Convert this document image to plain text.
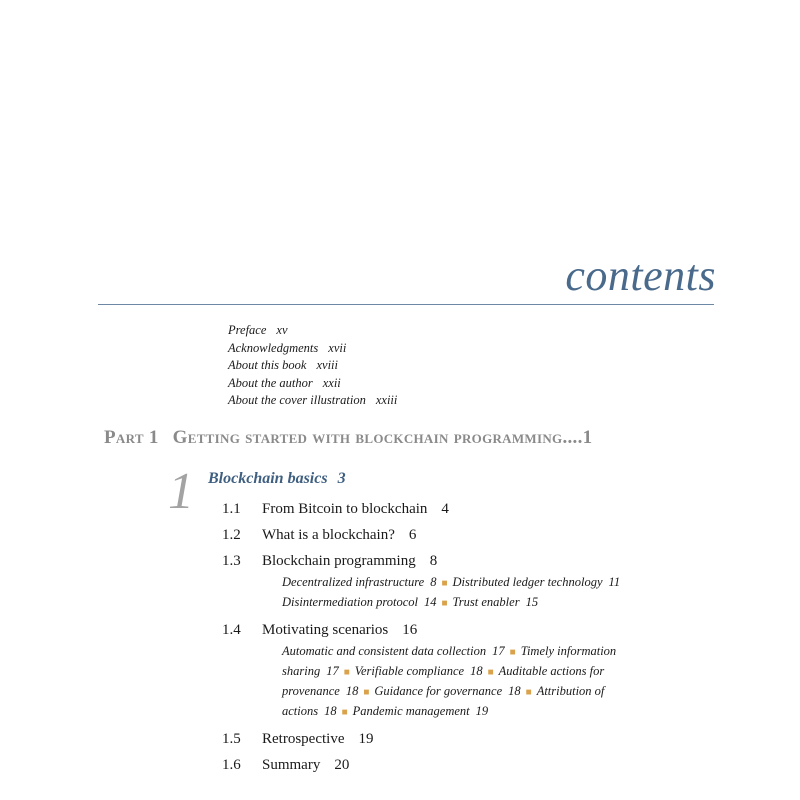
contents
Preface xv
Acknowledgments xvii
About this book xviii
About the author xxii
About the cover illustration xxiii
Part 1 Getting started with blockchain programming....1
1 Blockchain basics 3
1.1 From Bitcoin to blockchain 4
1.2 What is a blockchain? 6
1.3 Blockchain programming 8
Decentralized infrastructure 8 ■ Distributed ledger technology 11
Disintermediation protocol 14 ■ Trust enabler 15
1.4 Motivating scenarios 16
Automatic and consistent data collection 17 ■ Timely information sharing 17 ■ Verifiable compliance 18 ■ Auditable actions for provenance 18 ■ Guidance for governance 18 ■ Attribution of actions 18 ■ Pandemic management 19
1.5 Retrospective 19
1.6 Summary 20
